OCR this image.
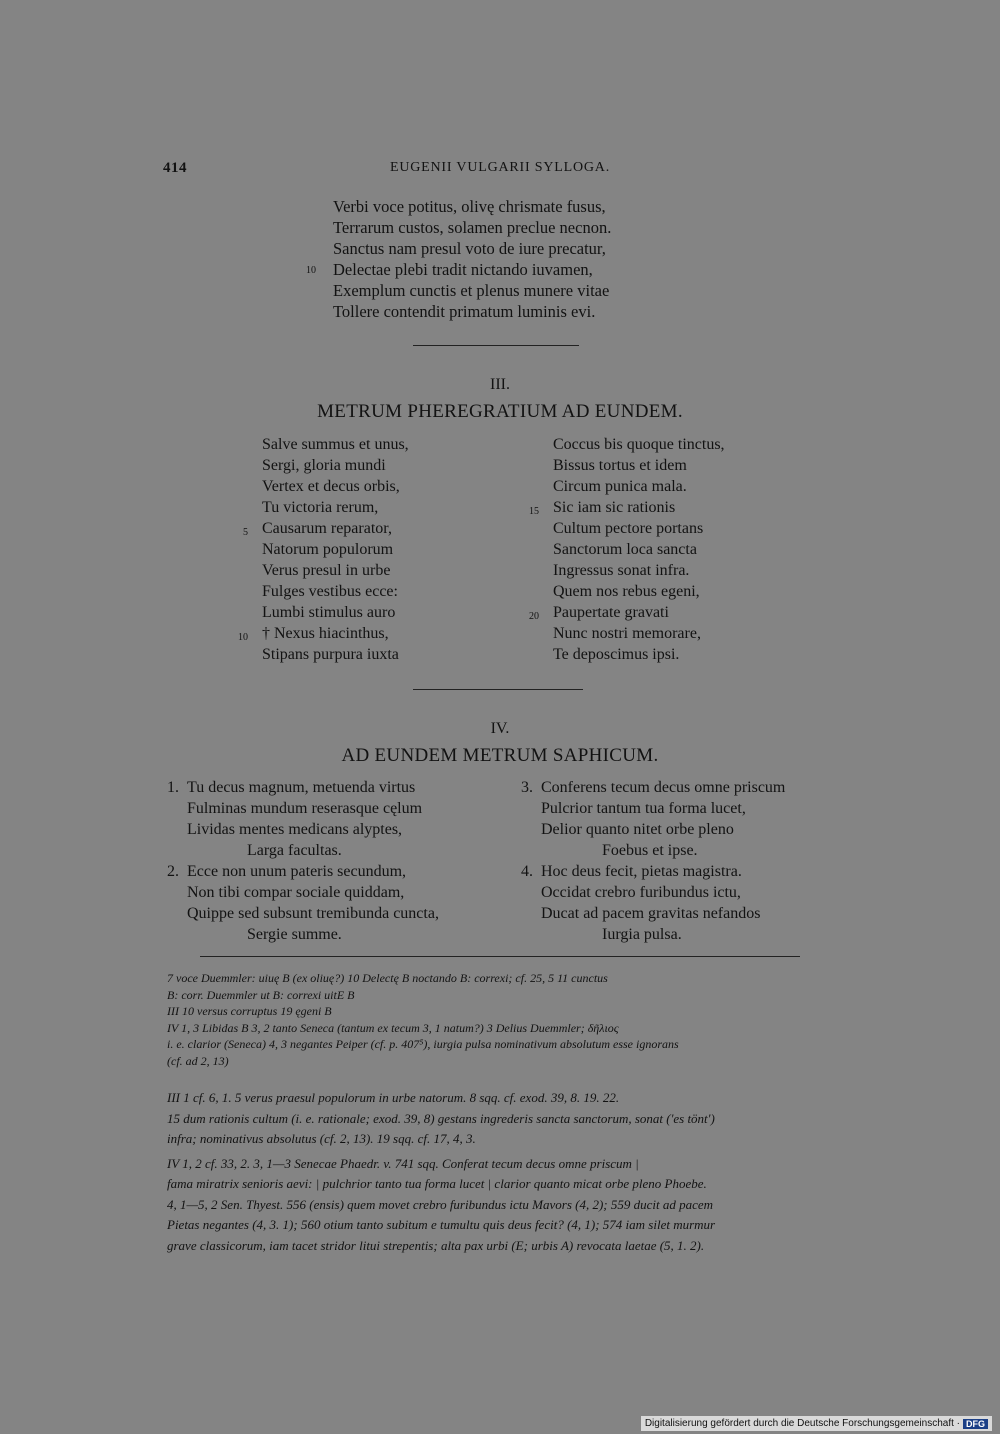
414	EUGENII VULGARII SYLLOGA.
Verbi voce potitus, olivę chrismate fusus,
Terrarum custos, solamen preclue necnon.
Sanctus nam presul voto de iure precatur,
Delectae plebi tradit nictando iuvamen,
Exemplum cunctis et plenus munere vitae
Tollere contendit primatum luminis evi.
10
III.
METRUM PHEREGRATIUM AD EUNDEM.
Salve summus et unus,
Sergi, gloria mundi
Vertex et decus orbis,
Tu victoria rerum,
5 Causarum reparator,
Natorum populorum
Verus presul in urbe
Fulges vestibus ecce:
Lumbi stimulus auro
10 † Nexus hiacinthus,
Stipans purpura iuxta
Coccus bis quoque tinctus,
Bissus tortus et idem
Circum punica mala.
15 Sic iam sic rationis
Cultum pectore portans
Sanctorum loca sancta
Ingressus sonat infra.
Quem nos rebus egeni,
20 Paupertate gravati
Nunc nostri memorare,
Te deposcimus ipsi.
IV.
AD EUNDEM METRUM SAPHICUM.
1. Tu decus magnum, metuenda virtus
Fulminas mundum reserasque cęlum
Lividas mentes medicans alyptes,
Larga facultas.
2. Ecce non unum pateris secundum,
Non tibi compar sociale quiddam,
Quippe sed subsunt tremibunda cuncta,
Sergie summe.
3. Conferens tecum decus omne priscum
Pulcrior tantum tua forma lucet,
Delior quanto nitet orbe pleno
Foebus et ipse.
4. Hoc deus fecit, pietas magistra.
Occidat crebro furibundus ictu,
Ducat ad pacem gravitas nefandos
Iurgia pulsa.

7 voce Duemmler: uiuę B (ex oliuę?) 10 Delectę B noctando B: correxi; cf. 25, 5 11 cunctus

B: corr. Duemmler ut B: correxi uitE B

III 10 versus corruptus 19 ęgeni B

IV 1, 3 Libidas B 3, 2 tanto Seneca (tantum ex tecum 3, 1 natum?) 3 Delius Duemmler; δῆλιος

i. e. clarior (Seneca) 4, 3 negantes Peiper (cf. p. 407⁵), iurgia pulsa nominativum absolutum esse ignorans

(cf. ad 2, 13)

III 1 cf. 6, 1. 5 verus praesul populorum in urbe natorum. 8 sqq. cf. exod. 39, 8. 19. 22.

15 dum rationis cultum (i. e. rationale; exod. 39, 8) gestans ingrederis sancta sanctorum, sonat ('es tönt')

infra; nominativus absolutus (cf. 2, 13). 19 sqq. cf. 17, 4, 3.

IV 1, 2 cf. 33, 2. 3, 1—3 Senecae Phaedr. v. 741 sqq. Conferat tecum decus omne priscum |

fama miratrix senioris aevi: | pulchrior tanto tua forma lucet | clarior quanto micat orbe pleno Phoebe.

4, 1—5, 2 Sen. Thyest. 556 (ensis) quem movet crebro furibundus ictu Mavors (4, 2); 559 ducit ad pacem

Pietas negantes (4, 3. 1); 560 otium tanto subitum e tumultu quis deus fecit? (4, 1); 574 iam silet murmur

grave classicorum, iam tacet stridor litui strepentis; alta pax urbi (E; urbis A) revocata laetae (5, 1. 2).

Digitalisierung gefördert durch die Deutsche Forschungsgemeinschaft · DFG
